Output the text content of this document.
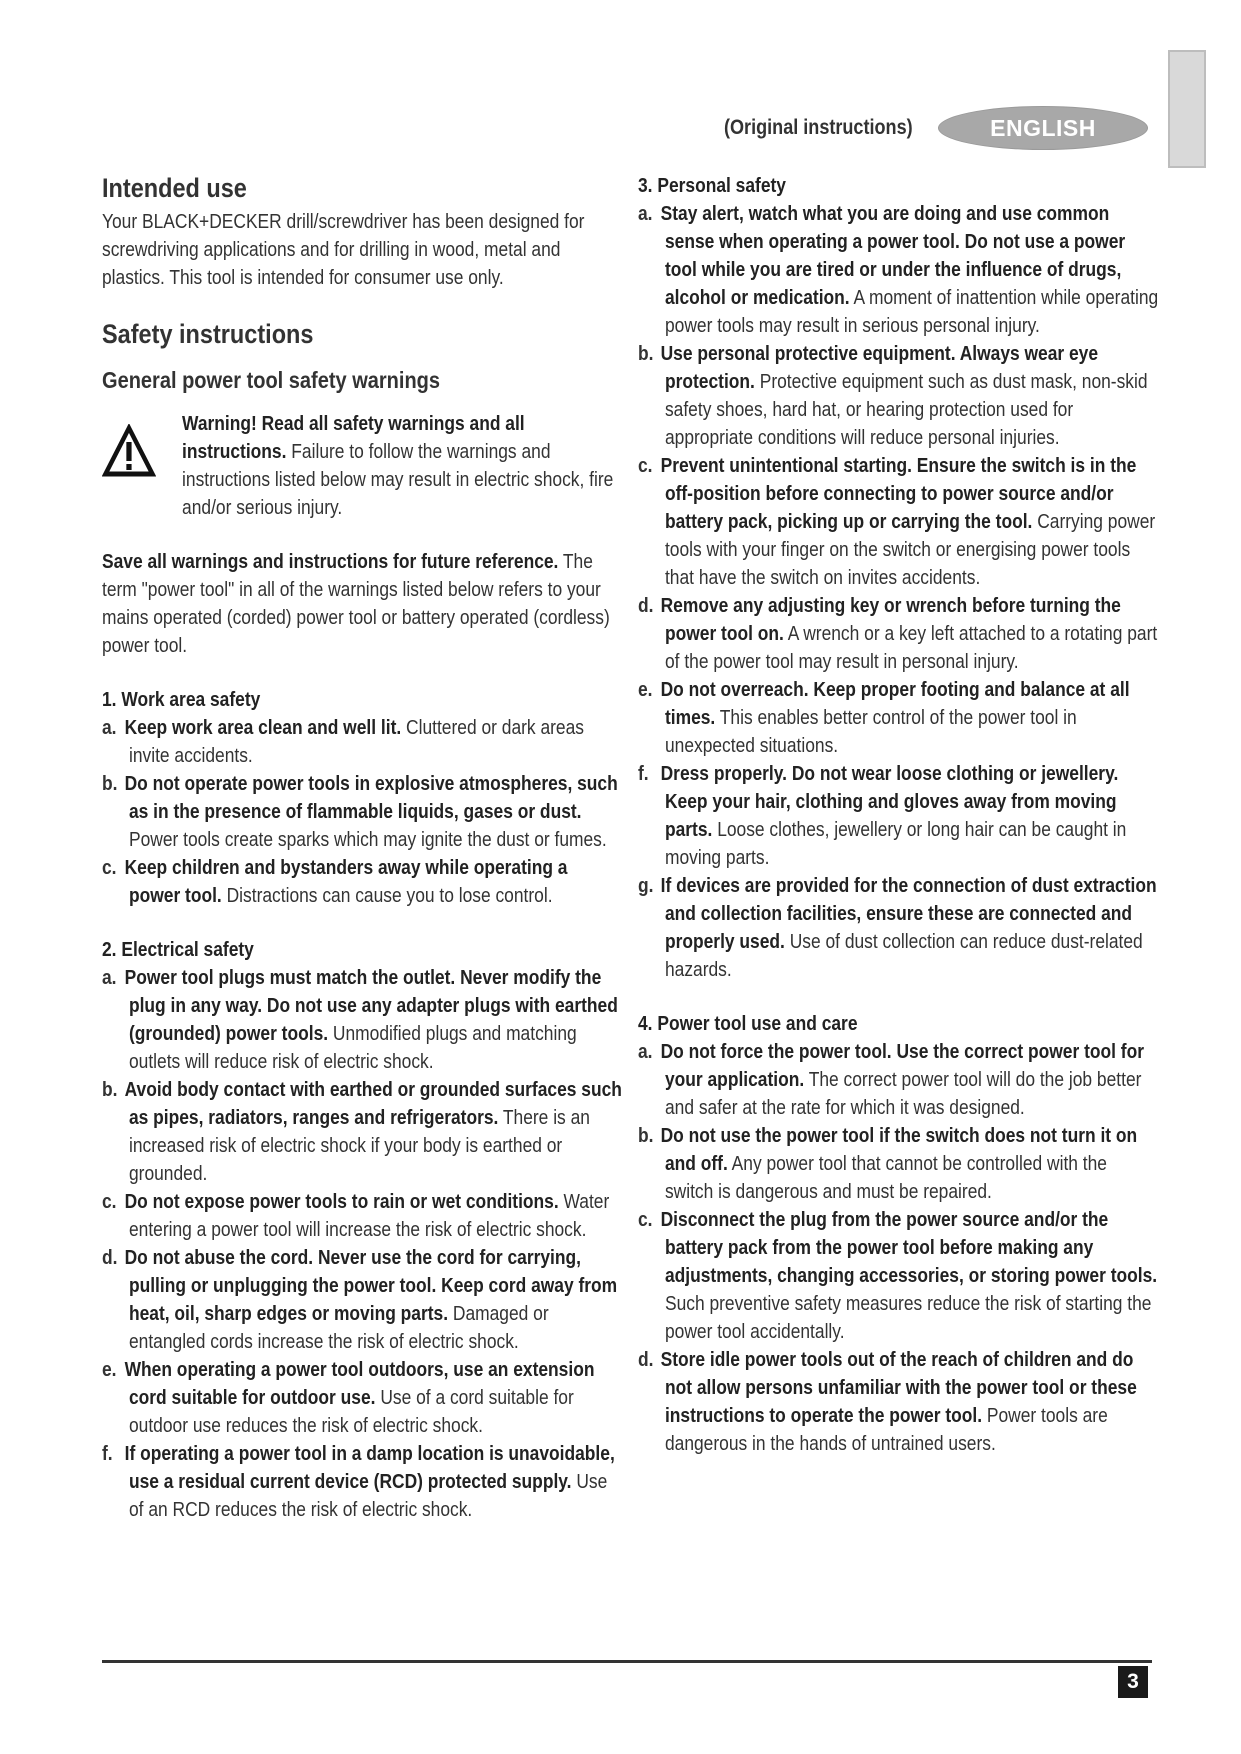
(Original instructions)	ENGLISH
Intended use

Your BLACK+DECKER drill/screwdriver has been designed for screwdriving applications and for drilling in wood, metal and plastics. This tool is intended for consumer use only.

Safety instructions
General power tool safety warnings

Warning! Read all safety warnings and all instructions. Failure to follow the warnings and instructions listed below may result in electric shock, fire and/or serious injury.

Save all warnings and instructions for future reference. The term "power tool" in all of the warnings listed below refers to your mains operated (corded) power tool or battery operated (cordless) power tool.

1. Work area safety
a. Keep work area clean and well lit. Cluttered or dark areas invite accidents.
b. Do not operate power tools in explosive atmospheres, such as in the presence of flammable liquids, gases or dust. Power tools create sparks which may ignite the dust or fumes.
c. Keep children and bystanders away while operating a power tool. Distractions can cause you to lose control.
2. Electrical safety
a. Power tool plugs must match the outlet. Never modify the plug in any way. Do not use any adapter plugs with earthed (grounded) power tools. Unmodified plugs and matching outlets will reduce risk of electric shock.
b. Avoid body contact with earthed or grounded surfaces such as pipes, radiators, ranges and refrigerators. There is an increased risk of electric shock if your body is earthed or grounded.
c. Do not expose power tools to rain or wet conditions. Water entering a power tool will increase the risk of electric shock.
d. Do not abuse the cord. Never use the cord for carrying, pulling or unplugging the power tool. Keep cord away from heat, oil, sharp edges or moving parts. Damaged or entangled cords increase the risk of electric shock.
e. When operating a power tool outdoors, use an extension cord suitable for outdoor use. Use of a cord suitable for outdoor use reduces the risk of electric shock.
f. If operating a power tool in a damp location is unavoidable, use a residual current device (RCD) protected supply. Use of an RCD reduces the risk of electric shock.
3. Personal safety
a. Stay alert, watch what you are doing and use common sense when operating a power tool. Do not use a power tool while you are tired or under the influence of drugs, alcohol or medication. A moment of inattention while operating power tools may result in serious personal injury.
b. Use personal protective equipment. Always wear eye protection. Protective equipment such as dust mask, non-skid safety shoes, hard hat, or hearing protection used for appropriate conditions will reduce personal injuries.
c. Prevent unintentional starting. Ensure the switch is in the off-position before connecting to power source and/or battery pack, picking up or carrying the tool. Carrying power tools with your finger on the switch or energising power tools that have the switch on invites accidents.
d. Remove any adjusting key or wrench before turning the power tool on. A wrench or a key left attached to a rotating part of the power tool may result in personal injury.
e. Do not overreach. Keep proper footing and balance at all times. This enables better control of the power tool in unexpected situations.
f. Dress properly. Do not wear loose clothing or jewellery. Keep your hair, clothing and gloves away from moving parts. Loose clothes, jewellery or long hair can be caught in moving parts.
g. If devices are provided for the connection of dust extraction and collection facilities, ensure these are connected and properly used. Use of dust collection can reduce dust-related hazards.
4. Power tool use and care
a. Do not force the power tool. Use the correct power tool for your application. The correct power tool will do the job better and safer at the rate for which it was designed.
b. Do not use the power tool if the switch does not turn it on and off. Any power tool that cannot be controlled with the switch is dangerous and must be repaired.
c. Disconnect the plug from the power source and/or the battery pack from the power tool before making any adjustments, changing accessories, or storing power tools. Such preventive safety measures reduce the risk of starting the power tool accidentally.
d. Store idle power tools out of the reach of children and do not allow persons unfamiliar with the power tool or these instructions to operate the power tool. Power tools are dangerous in the hands of untrained users.
3
